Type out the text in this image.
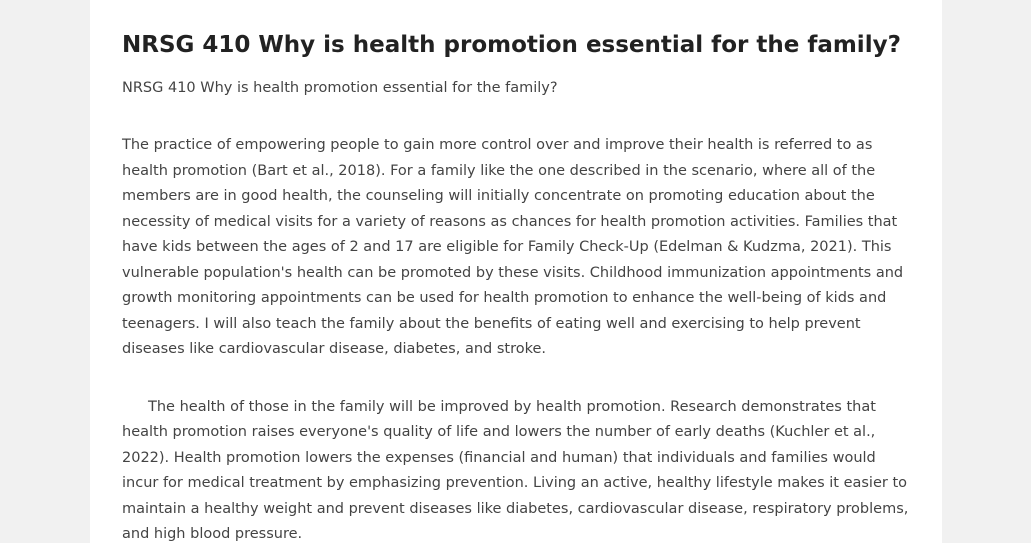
NRSG 410 Why is health promotion essential for the family?

NRSG 410 Why is health promotion essential for the family?

The practice of empowering people to gain more control over and improve their health is referred to as health promotion (Bart et al., 2018). For a family like the one described in the scenario, where all of the members are in good health, the counseling will initially concentrate on promoting education about the necessity of medical visits for a variety of reasons as chances for health promotion activities. Families that have kids between the ages of 2 and 17 are eligible for Family Check-Up (Edelman & Kudzma, 2021). This vulnerable population's health can be promoted by these visits. Childhood immunization appointments and growth monitoring appointments can be used for health promotion to enhance the well-being of kids and teenagers. I will also teach the family about the benefits of eating well and exercising to help prevent diseases like cardiovascular disease, diabetes, and stroke.

The health of those in the family will be improved by health promotion. Research demonstrates that health promotion raises everyone's quality of life and lowers the number of early deaths (Kuchler et al., 2022). Health promotion lowers the expenses (financial and human) that individuals and families would incur for medical treatment by emphasizing prevention. Living an active, healthy lifestyle makes it easier to maintain a healthy weight and prevent diseases like diabetes, cardiovascular disease, respiratory problems, and high blood pressure.
